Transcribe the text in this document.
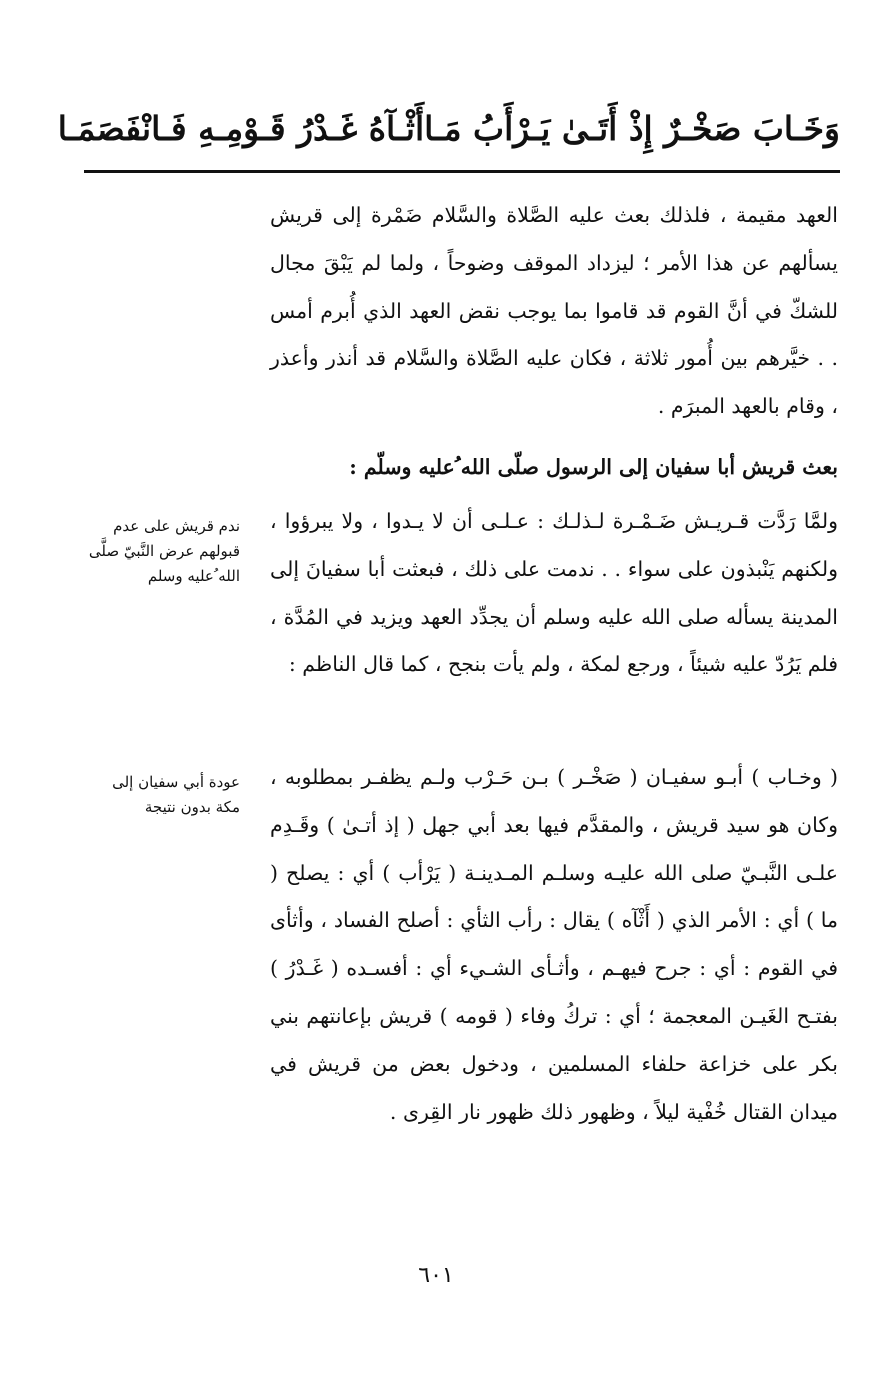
وَخَـابَ صَخْـرٌ إِذْ أَتَـىٰ يَـرْأَبُ مَـا
أَثْـآهُ غَـدْرُ قَـوْمِـهِ فَـانْفَصَمَـا

العهد مقيمة ، فلذلك بعث عليه الصَّلاة والسَّلام ضَمْرة إلى قريش يسألهم عن هذا الأمر ؛ ليزداد الموقف وضوحاً ، ولما لم يَبْقَ مجال للشكّ في أنَّ القوم قد قاموا بما يوجب نقض العهد الذي أُبرم أمس . . خيَّرهم بين أُمور ثلاثة ، فكان عليه الصَّلاة والسَّلام قد أنذر وأعذر ، وقام بالعهد المبرَم .

بعث قريش أبا سفيان إلى الرسول صلّى الله ُعليه وسلّم :

ولمَّا رَدَّت قـريـش ضَـمْـرة لـذلـك : عـلـى أن لا يـدوا ، ولا يبرؤوا ، ولكنهم يَنْبذون على سواء . . ندمت على ذلك ، فبعثت أبا سفيانَ إلى المدينة يسأله صلى الله عليه وسلم أن يجدِّد العهد ويزيد في المُدَّة ، فلم يَرُدّ عليه شيئاً ، ورجع لمكة ، ولم يأت بنجح ، كما قال الناظم :

( وخـاب ) أبـو سفيـان ( صَخْـر ) بـن حَـرْب ولـم يظفـر بمطلوبه ، وكان هو سيد قريش ، والمقدَّم فيها بعد أبي جهل ( إذ أتـىٰ ) وقَـدِم علـى النَّبـيّ صلى الله عليـه وسلـم المـدينـة ( يَرْأب ) أي : يصلح ( ما ) أي : الأمر الذي ( أَثْآه ) يقال : رأب الثأي : أصلح الفساد ، وأثأى في القوم : أي : جرح فيهـم ، وأثـأى الشـيء أي : أفسـده ( غَـدْرُ ) بفتـح الغَيـن المعجمة ؛ أي : تركُ وفاء ( قومه ) قريش بإعانتهم بني بكر على خزاعة حلفاء المسلمين ، ودخول بعض من قريش في ميدان القتال خُفْية ليلاً ، وظهور ذلك ظهور نار القِرى .

ندم قريش على عدم قبولهم عرض النَّبيّ صلَّى الله ُعليه وسلم
عودة أبي سفيان إلى مكة بدون نتيجة
٦٠١
